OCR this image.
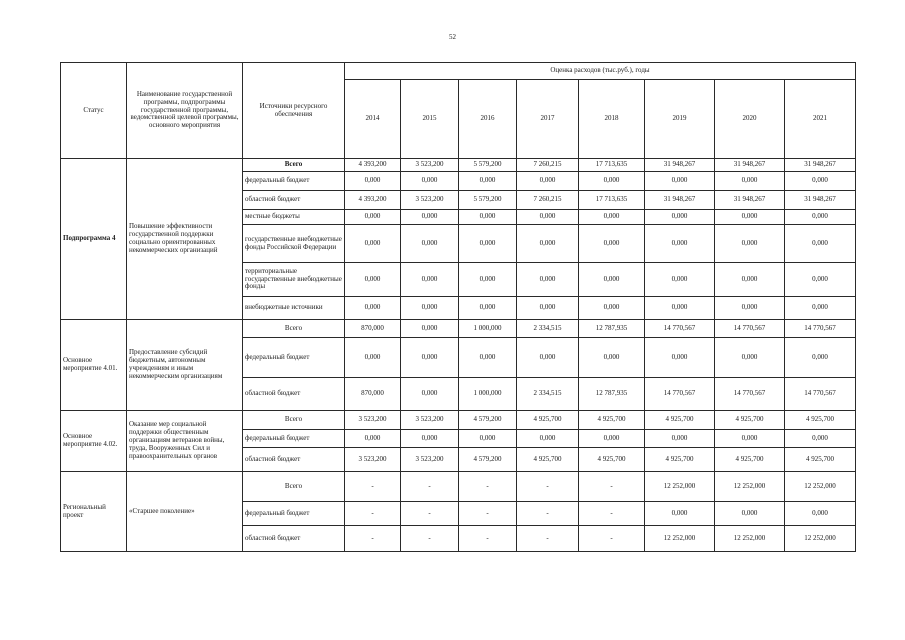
52
Статус	Наименование государственной программы, подпрограммы государственной программы, ведомственной целевой программы, основного мероприятия	Источники ресурсного обеспечения	Оценка расходов (тыс.руб.), годы							
			2014	2015	2016	2017	2018	2019	2020	2021
Подпрограмма 4	Повышение эффективности государственной поддержки социально ориентированных некоммерческих организаций	Всего	4 393,200	3 523,200	5 579,200	7 260,215	17 713,635	31 948,267	31 948,267	31 948,267
		федеральный бюджет	0,000	0,000	0,000	0,000	0,000	0,000	0,000	0,000
		областной бюджет	4 393,200	3 523,200	5 579,200	7 260,215	17 713,635	31 948,267	31 948,267	31 948,267
		местные бюджеты	0,000	0,000	0,000	0,000	0,000	0,000	0,000	0,000
		государственные внебюджетные фонды Российской Федерации	0,000	0,000	0,000	0,000	0,000	0,000	0,000	0,000
		территориальные государственные внебюджетные фонды	0,000	0,000	0,000	0,000	0,000	0,000	0,000	0,000
		внебюджетные источники	0,000	0,000	0,000	0,000	0,000	0,000	0,000	0,000
Основное мероприятие 4.01.	Предоставление субсидий бюджетным, автономным учреждениям и иным некоммерческим организациям	Всего	870,000	0,000	1 000,000	2 334,515	12 787,935	14 770,567	14 770,567	14 770,567
		федеральный бюджет	0,000	0,000	0,000	0,000	0,000	0,000	0,000	0,000
		областной бюджет	870,000	0,000	1 000,000	2 334,515	12 787,935	14 770,567	14 770,567	14 770,567
Основное мероприятие 4.02.	Оказание мер социальной поддержки общественным организациям ветеранов войны, труда, Вооруженных Сил и правоохранительных органов	Всего	3 523,200	3 523,200	4 579,200	4 925,700	4 925,700	4 925,700	4 925,700	4 925,700
		федеральный бюджет	0,000	0,000	0,000	0,000	0,000	0,000	0,000	0,000
		областной бюджет	3 523,200	3 523,200	4 579,200	4 925,700	4 925,700	4 925,700	4 925,700	4 925,700
Региональный проект	«Старшее поколение»	Всего	-	-	-	-	-	12 252,000	12 252,000	12 252,000
		федеральный бюджет	-	-	-	-	-	0,000	0,000	0,000
		областной бюджет	-	-	-	-	-	12 252,000	12 252,000	12 252,000
